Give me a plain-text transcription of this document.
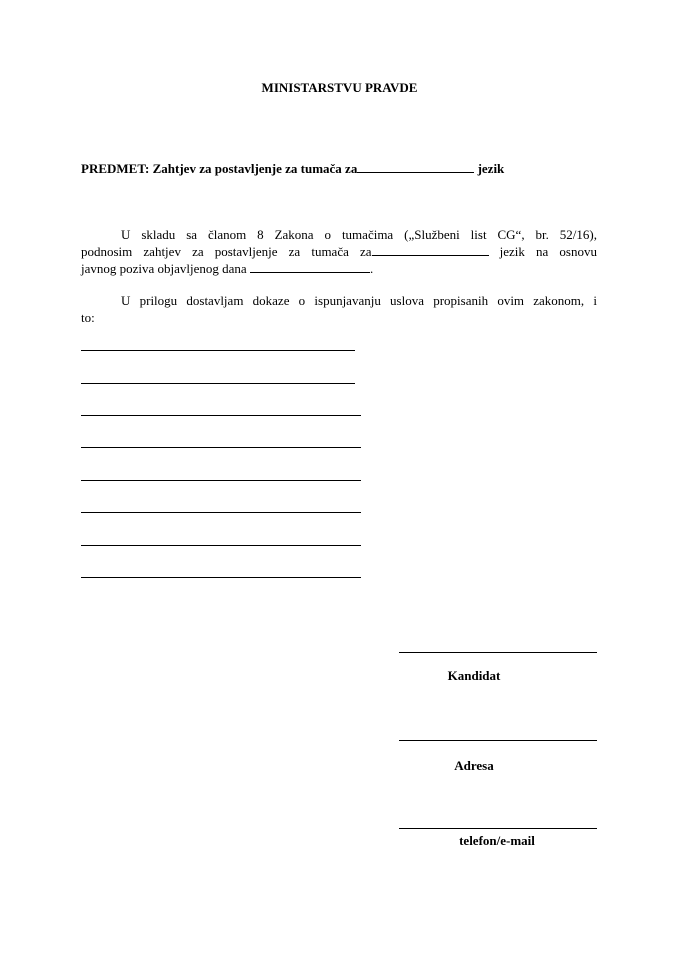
MINISTARSTVU PRAVDE
PREDMET: Zahtjev za postavljenje za tumača za	jezik
U skladu sa članom 8 Zakona o tumačima („Službeni list CG“, br. 52/16),
podnosim zahtjev za postavljenje za tumača za	jezik na osnovu
javnog poziva objavljenog dana	.
U prilogu dostavljam dokaze o ispunjavanju uslova propisanih ovim zakonom, i
to:
Kandidat
Adresa
telefon/e-mail
